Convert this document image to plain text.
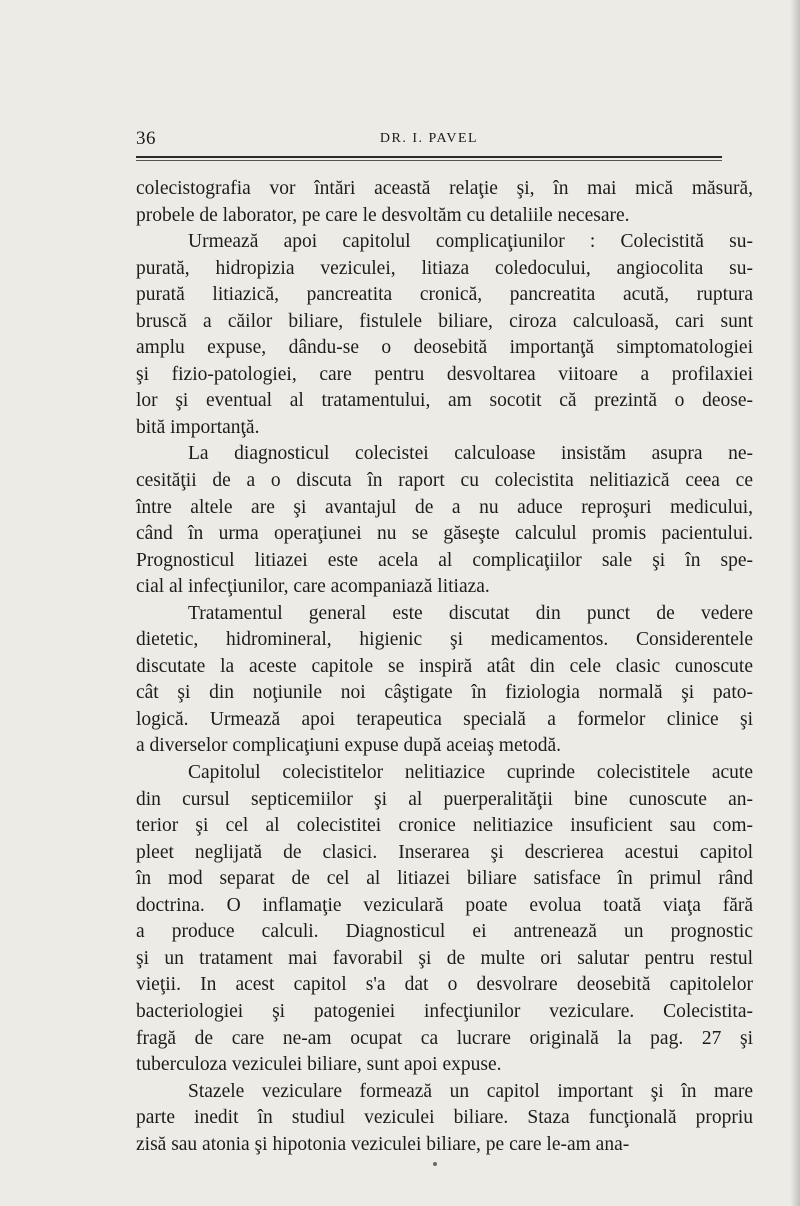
36	DR. I. PAVEL
colecistografia vor întări această relaţie şi, în mai mică măsură,
probele de laborator, pe care le desvoltăm cu detaliile necesare.
Urmează apoi capitolul complicaţiunilor : Colecistită su-
purată, hidropizia veziculei, litiaza coledocului, angiocolita su-
purată litiazică, pancreatita cronică, pancreatita acută, ruptura
bruscă a căilor biliare, fistulele biliare, ciroza calculoasă, cari sunt
amplu expuse, dându-se o deosebită importanţă simptomatologiei
şi fizio-patologiei, care pentru desvoltarea viitoare a profilaxiei
lor şi eventual al tratamentului, am socotit că prezintă o deose-
bită importanţă.
La diagnosticul colecistei calculoase insistăm asupra ne-
cesităţii de a o discuta în raport cu colecistita nelitiazică ceea ce
între altele are şi avantajul de a nu aduce reproşuri medicului,
când în urma operaţiunei nu se găseşte calculul promis pacientului.
Prognosticul litiazei este acela al complicaţiilor sale şi în spe-
cial al infecţiunilor, care acompaniază litiaza.
Tratamentul general este discutat din punct de vedere
dietetic, hidromineral, higienic şi medicamentos. Considerentele
discutate la aceste capitole se inspiră atât din cele clasic cunoscute
cât şi din noţiunile noi câştigate în fiziologia normală şi pato-
logică. Urmează apoi terapeutica specială a formelor clinice şi
a diverselor complicaţiuni expuse după aceiaş metodă.
Capitolul colecistitelor nelitiazice cuprinde colecistitele acute
din cursul septicemiilor şi al puerperalităţii bine cunoscute an-
terior şi cel al colecistitei cronice nelitiazice insuficient sau com-
pleet neglijată de clasici. Inserarea şi descrierea acestui capitol
în mod separat de cel al litiazei biliare satisface în primul rând
doctrina. O inflamaţie veziculară poate evolua toată viaţa fără
a produce calculi. Diagnosticul ei antrenează un prognostic
şi un tratament mai favorabil şi de multe ori salutar pentru restul
vieţii. In acest capitol s'a dat o desvolrare deosebită capitolelor
bacteriologiei şi patogeniei infecţiunilor veziculare. Colecistita-
fragă de care ne-am ocupat ca lucrare originală la pag. 27 şi
tuberculoza veziculei biliare, sunt apoi expuse.
Stazele veziculare formează un capitol important şi în mare
parte inedit în studiul veziculei biliare. Staza funcţională propriu
zisă sau atonia şi hipotonia veziculei biliare, pe care le-am ana-
